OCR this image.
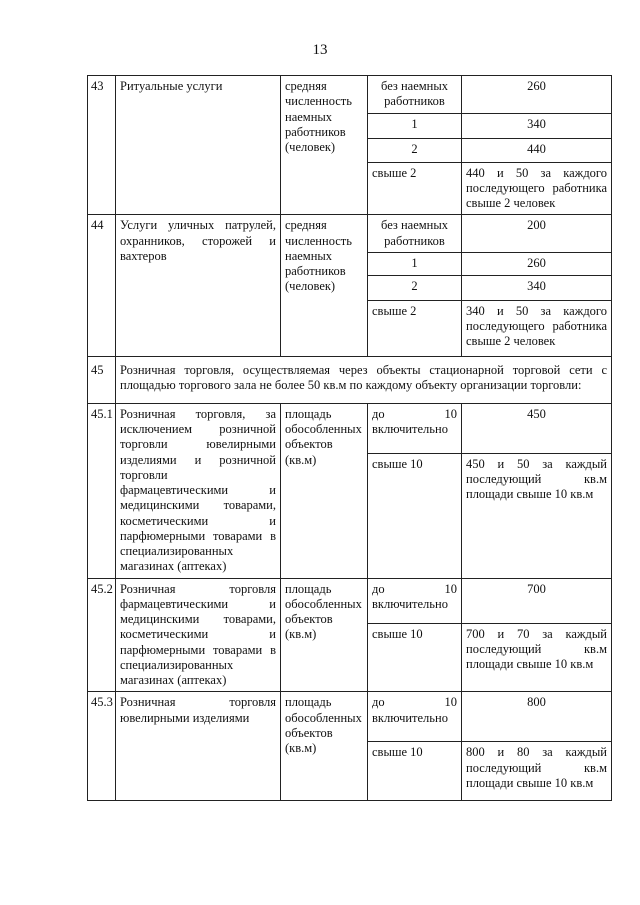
13
43	Ритуальные услуги	средняя численность наемных работников (человек)	без наемных работников	260
			1	340
			2	440
			свыше 2	440 и 50 за каждого последующего работника свыше 2 человек
44	Услуги уличных патрулей, охранников, сторожей и вахтеров	средняя численность наемных работников (человек)	без наемных работников	200
			1	260
			2	340
			свыше 2	340 и 50 за каждого последующего работника свыше 2 человек
45	Розничная торговля, осуществляемая через объекты стационарной торговой сети с площадью торгового зала не более 50 кв.м по каждому объекту организации торговли:			
45.1	Розничная торговля, за исключением розничной торговли ювелирными изделиями и розничной торговли фармацевтическими и медицинскими товарами, косметическими и парфюмерными товарами в специализированных магазинах (аптеках)	площадь обособленных объектов (кв.м)	до 10 включительно	450
			свыше 10	450 и 50 за каждый последующий кв.м площади свыше 10 кв.м
45.2	Розничная торговля фармацевтическими и медицинскими товарами, косметическими и парфюмерными товарами в специализированных магазинах (аптеках)	площадь обособленных объектов (кв.м)	до 10 включительно	700
			свыше 10	700 и 70 за каждый последующий кв.м площади свыше 10 кв.м
45.3	Розничная торговля ювелирными изделиями	площадь обособленных объектов (кв.м)	до 10 включительно	800
			свыше 10	800 и 80 за каждый последующий кв.м площади свыше 10 кв.м
